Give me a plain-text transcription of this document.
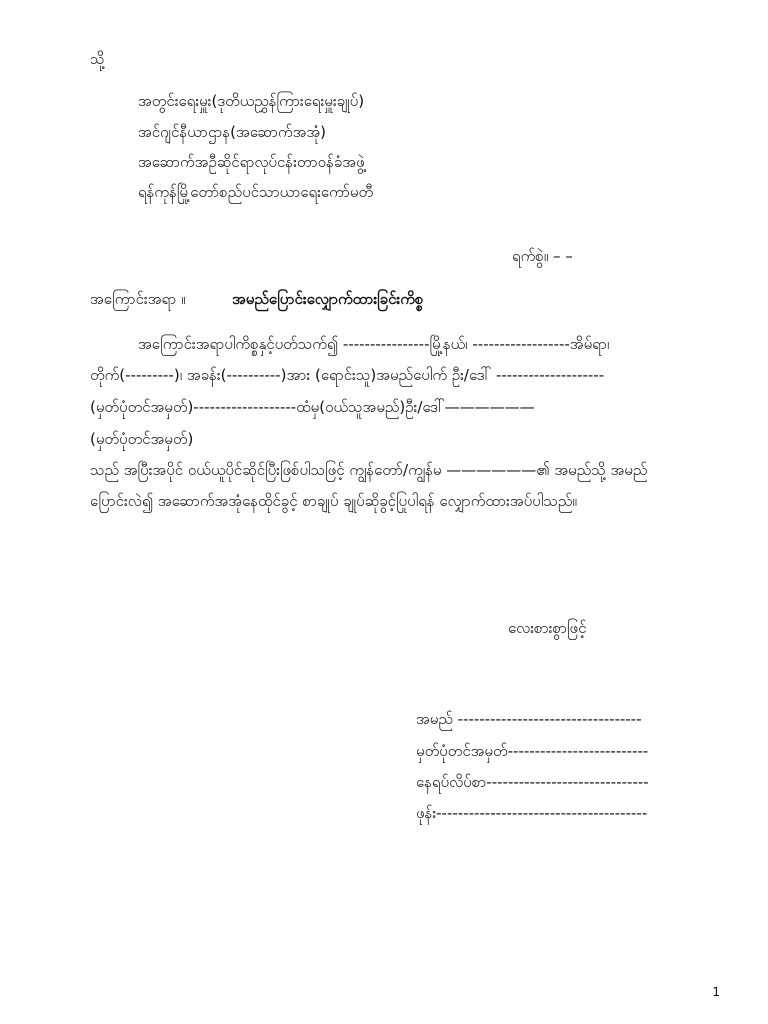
သို့
အတွင်းရေးမှူး(ဒုတိယညွှန်ကြားရေးမှူးချုပ်)
အင်ဂျင်နီယာဌာန(အဆောက်အအုံ)
အဆောက်အဦဆိုင်ရာလုပ်ငန်းတာဝန်ခံအဖွဲ့
ရန်ကုန်မြို့တော်စည်ပင်သာယာရေးကော်မတီ
ရက်စွဲ။ – –
အကြောင်းအရာ ။	အမည်ပြောင်းလျှောက်ထားခြင်းကိစ္စ
အကြောင်းအရာပါကိစ္စနှင့်ပတ်သက်၍ ----------------မြို့နယ်၊ ------------------အိမ်ရာ၊
တိုက်(---------)၊ အခန်း(----------)အား (ရောင်းသူ)အမည်ပေါက် ဦး/ဒေါ် --------------------
(မှတ်ပုံတင်အမှတ်)-------------------ထံမှ(ဝယ်သူအမည်)ဦး/ဒေါ်——————
(မှတ်ပုံတင်အမှတ်)
သည် အပြီးအပိုင် ဝယ်ယူပိုင်ဆိုင်ပြီးဖြစ်ပါသဖြင့် ကျွန်တော်/ကျွန်မ ——————၏ အမည်သို့ အမည်
ပြောင်းလဲ၍ အဆောက်အအုံနေထိုင်ခွင့် စာချုပ် ချုပ်ဆိုခွင့်ပြုပါရန် လျှောက်ထားအပ်ပါသည်။
လေးစားစွာဖြင့်
အမည် ----------------------------------
မှတ်ပုံတင်အမှတ်--------------------------
နေရပ်လိပ်စာ------------------------------
ဖုန်း---------------------------------------
1
